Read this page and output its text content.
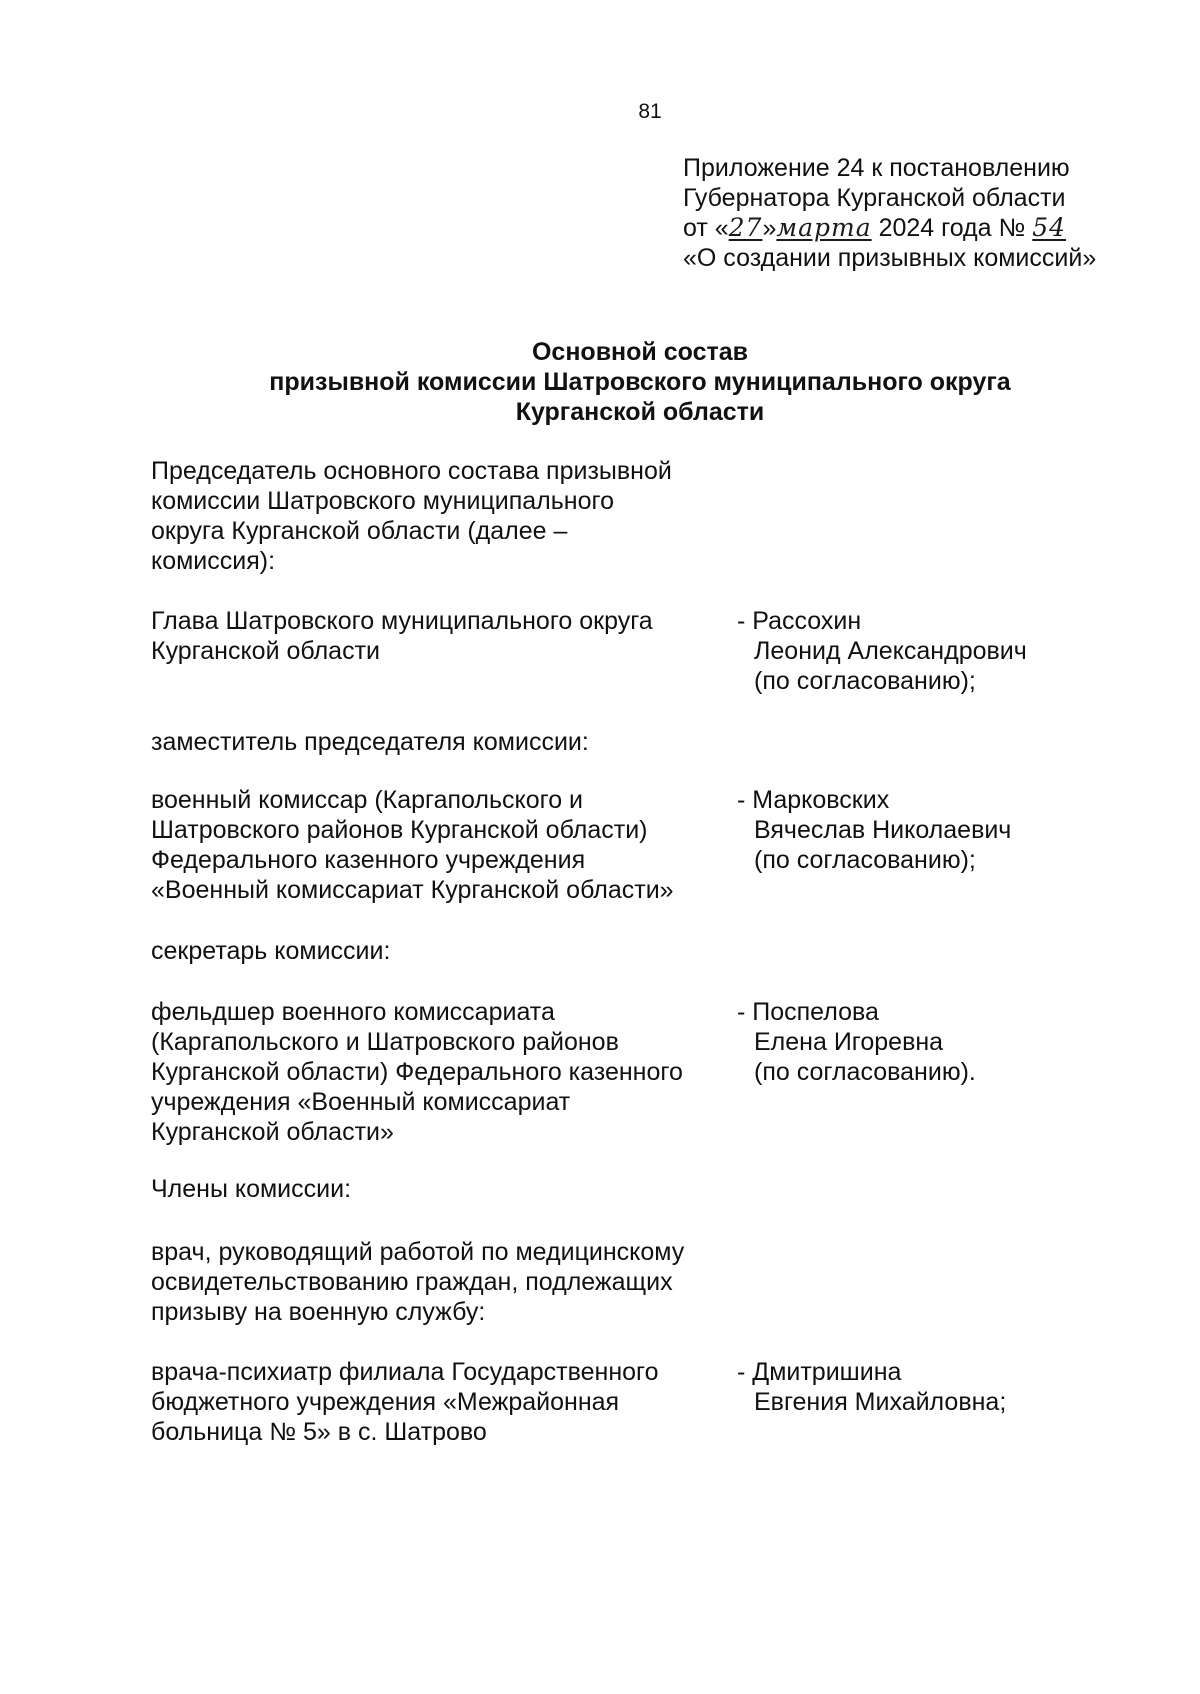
81
Приложение 24 к постановлению
Губернатора Курганской области
от «27»марта 2024 года № 54
«О создании призывных комиссий»
Основной состав
призывной комиссии Шатровского муниципального округа
Курганской области
Председатель основного состава призывной
комиссии Шатровского муниципального
округа Курганской области (далее –
комиссия):
Глава Шатровского муниципального округа
Курганской области
- Рассохин
Леонид Александрович
(по согласованию);
заместитель председателя комиссии:
военный комиссар (Каргапольского и
Шатровского районов Курганской области)
Федерального казенного учреждения
«Военный комиссариат Курганской области»
- Марковских
Вячеслав Николаевич
(по согласованию);
секретарь комиссии:
фельдшер военного комиссариата
(Каргапольского и Шатровского районов
Курганской области) Федерального казенного
учреждения «Военный комиссариат
Курганской области»
- Поспелова
Елена Игоревна
(по согласованию).
Члены комиссии:
врач, руководящий работой по медицинскому
освидетельствованию граждан, подлежащих
призыву на военную службу:
врача-психиатр филиала Государственного
бюджетного учреждения «Межрайонная
больница № 5» в с. Шатрово
- Дмитришина
Евгения Михайловна;
